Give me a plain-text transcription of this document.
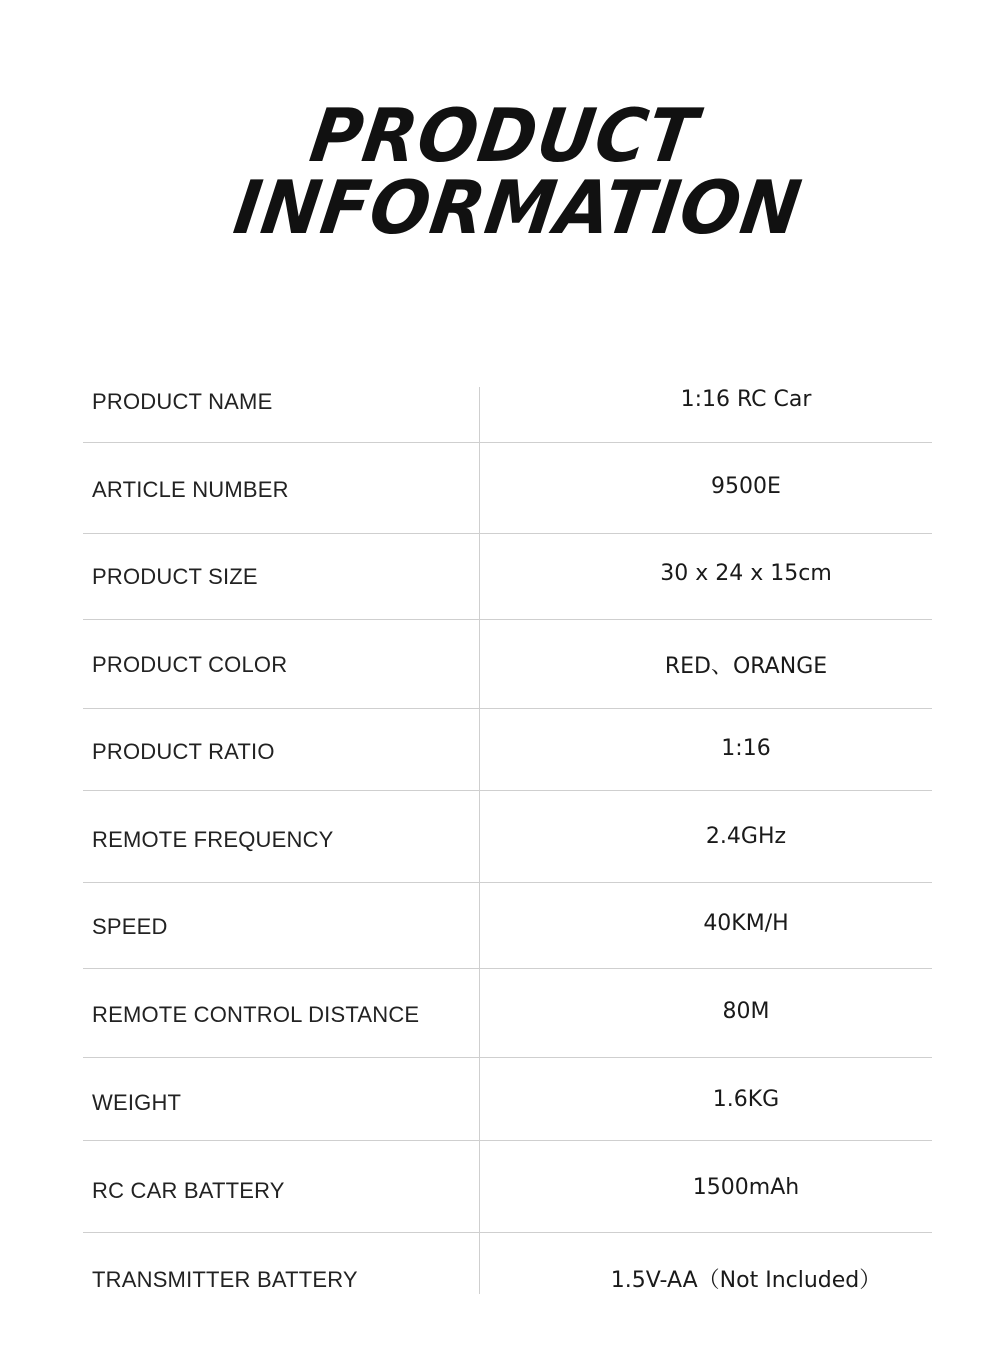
PRODUCT
INFORMATION
PRODUCT NAME	1:16 RC Car
ARTICLE NUMBER	9500E
PRODUCT SIZE	30 x 24 x 15cm
PRODUCT COLOR	RED、ORANGE
PRODUCT RATIO	1:16
REMOTE FREQUENCY	2.4GHz
SPEED	40KM/H
REMOTE CONTROL DISTANCE	80M
WEIGHT	1.6KG
RC CAR BATTERY	1500mAh
TRANSMITTER BATTERY	1.5V-AA（Not Included）
